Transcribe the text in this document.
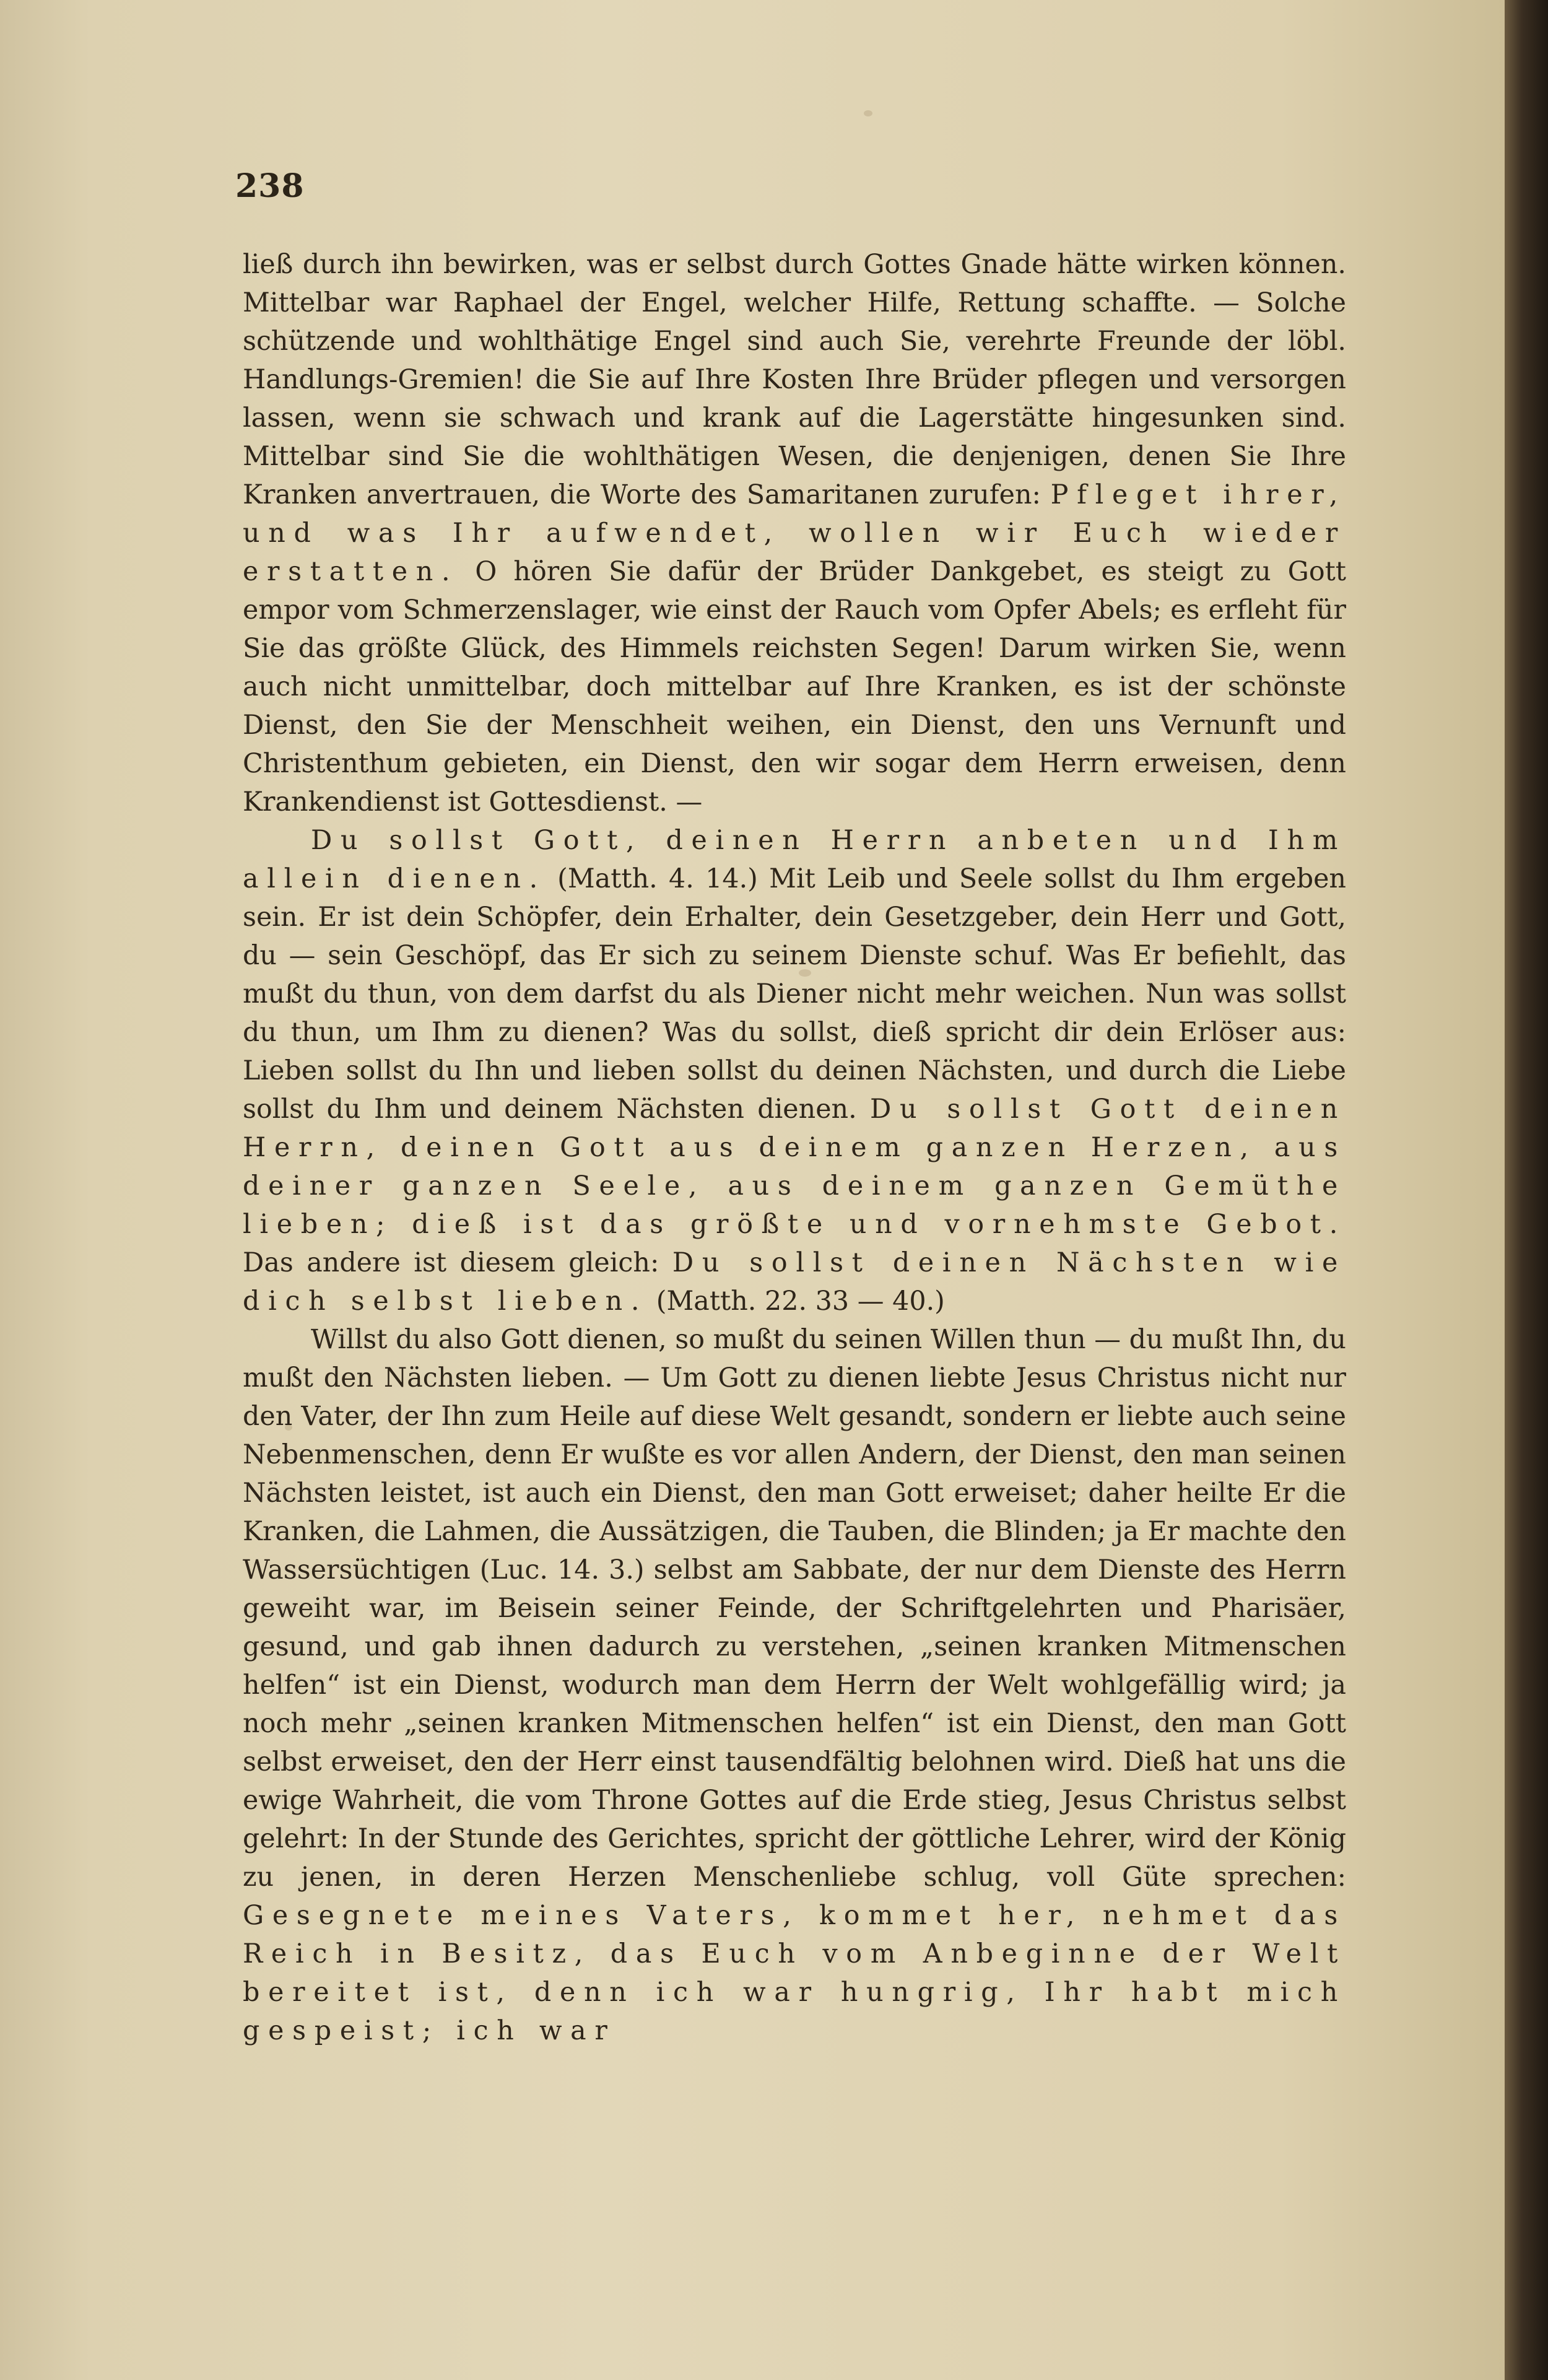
238

ließ durch ihn bewirken, was er selbst durch Gottes Gnade hätte wirken können. Mittelbar war Raphael der Engel, welcher Hilfe, Rettung schaffte. — Solche schützende und wohlthätige Engel sind auch Sie, verehrte Freunde der löbl. Handlungs-Gremien! die Sie auf Ihre Kosten Ihre Brüder pflegen und versorgen lassen, wenn sie schwach und krank auf die Lagerstätte hingesunken sind. Mittelbar sind Sie die wohlthätigen Wesen, die denjenigen, denen Sie Ihre Kranken anvertrauen, die Worte des Samaritanen zurufen: Pfleget ihrer, und was Ihr aufwendet, wollen wir Euch wieder erstatten. O hören Sie dafür der Brüder Dankgebet, es steigt zu Gott empor vom Schmerzenslager, wie einst der Rauch vom Opfer Abels; es erfleht für Sie das größte Glück, des Himmels reichsten Segen! Darum wirken Sie, wenn auch nicht unmittelbar, doch mittelbar auf Ihre Kranken, es ist der schönste Dienst, den Sie der Menschheit weihen, ein Dienst, den uns Vernunft und Christenthum gebieten, ein Dienst, den wir sogar dem Herrn erweisen, denn Krankendienst ist Gottesdienst. —

Du sollst Gott, deinen Herrn anbeten und Ihm allein dienen. (Matth. 4. 14.) Mit Leib und Seele sollst du Ihm ergeben sein. Er ist dein Schöpfer, dein Erhalter, dein Gesetzgeber, dein Herr und Gott, du — sein Geschöpf, das Er sich zu seinem Dienste schuf. Was Er befiehlt, das mußt du thun, von dem darfst du als Diener nicht mehr weichen. Nun was sollst du thun, um Ihm zu dienen? Was du sollst, dieß spricht dir dein Erlöser aus: Lieben sollst du Ihn und lieben sollst du deinen Nächsten, und durch die Liebe sollst du Ihm und deinem Nächsten dienen. Du sollst Gott deinen Herrn, deinen Gott aus deinem ganzen Herzen, aus deiner ganzen Seele, aus deinem ganzen Gemüthe lieben; dieß ist das größte und vornehmste Gebot. Das andere ist diesem gleich: Du sollst deinen Nächsten wie dich selbst lieben. (Matth. 22. 33 — 40.)

Willst du also Gott dienen, so mußt du seinen Willen thun — du mußt Ihn, du mußt den Nächsten lieben. — Um Gott zu dienen liebte Jesus Christus nicht nur den Vater, der Ihn zum Heile auf diese Welt gesandt, sondern er liebte auch seine Nebenmenschen, denn Er wußte es vor allen Andern, der Dienst, den man seinen Nächsten leistet, ist auch ein Dienst, den man Gott erweiset; daher heilte Er die Kranken, die Lahmen, die Aussätzigen, die Tauben, die Blinden; ja Er machte den Wassersüchtigen (Luc. 14. 3.) selbst am Sabbate, der nur dem Dienste des Herrn geweiht war, im Beisein seiner Feinde, der Schriftgelehrten und Pharisäer, gesund, und gab ihnen dadurch zu verstehen, „seinen kranken Mitmenschen helfen“ ist ein Dienst, wodurch man dem Herrn der Welt wohlgefällig wird; ja noch mehr „seinen kranken Mitmenschen helfen“ ist ein Dienst, den man Gott selbst erweiset, den der Herr einst tausendfältig belohnen wird. Dieß hat uns die ewige Wahrheit, die vom Throne Gottes auf die Erde stieg, Jesus Christus selbst gelehrt: In der Stunde des Gerichtes, spricht der göttliche Lehrer, wird der König zu jenen, in deren Herzen Menschenliebe schlug, voll Güte sprechen: Gesegnete meines Vaters, kommet her, nehmet das Reich in Besitz, das Euch vom Anbeginne der Welt bereitet ist, denn ich war hungrig, Ihr habt mich gespeist; ich war
